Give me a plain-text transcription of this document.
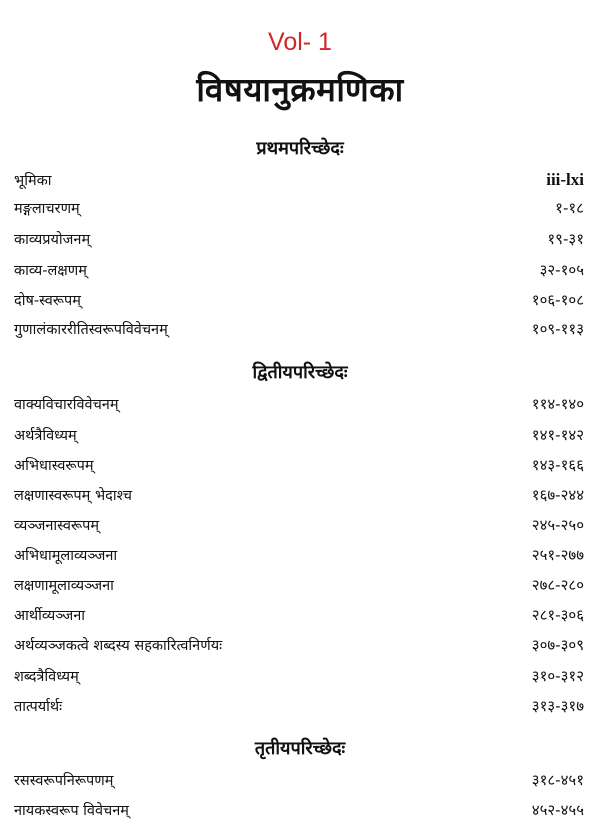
Vol- 1
विषयानुक्रमणिका
प्रथमपरिच्छेदः
भूमिका	iii-lxi
मङ्गलाचरणम्	१-१८
काव्यप्रयोजनम्	१९-३१
काव्य-लक्षणम्	३२-१०५
दोष-स्वरूपम्	१०६-१०८
गुणालंकाररीतिस्वरूपविवेचनम्	१०९-११३
द्वितीयपरिच्छेदः
वाक्यविचारविवेचनम्	११४-१४०
अर्थत्रैविध्यम्	१४१-१४२
अभिधास्वरूपम्	१४३-१६६
लक्षणास्वरूपम् भेदाश्च	१६७-२४४
व्यञ्जनास्वरूपम्	२४५-२५०
अभिधामूलाव्यञ्जना	२५१-२७७
लक्षणामूलाव्यञ्जना	२७८-२८०
आर्थीव्यञ्जना	२८१-३०६
अर्थव्यञ्जकत्वे शब्दस्य सहकारित्वनिर्णयः	३०७-३०९
शब्दत्रैविध्यम्	३१०-३१२
तात्पर्यार्थः	३१३-३१७
तृतीयपरिच्छेदः
रसस्वरूपनिरूपणम्	३१८-४५१
नायकस्वरूप विवेचनम्	४५२-४५५
